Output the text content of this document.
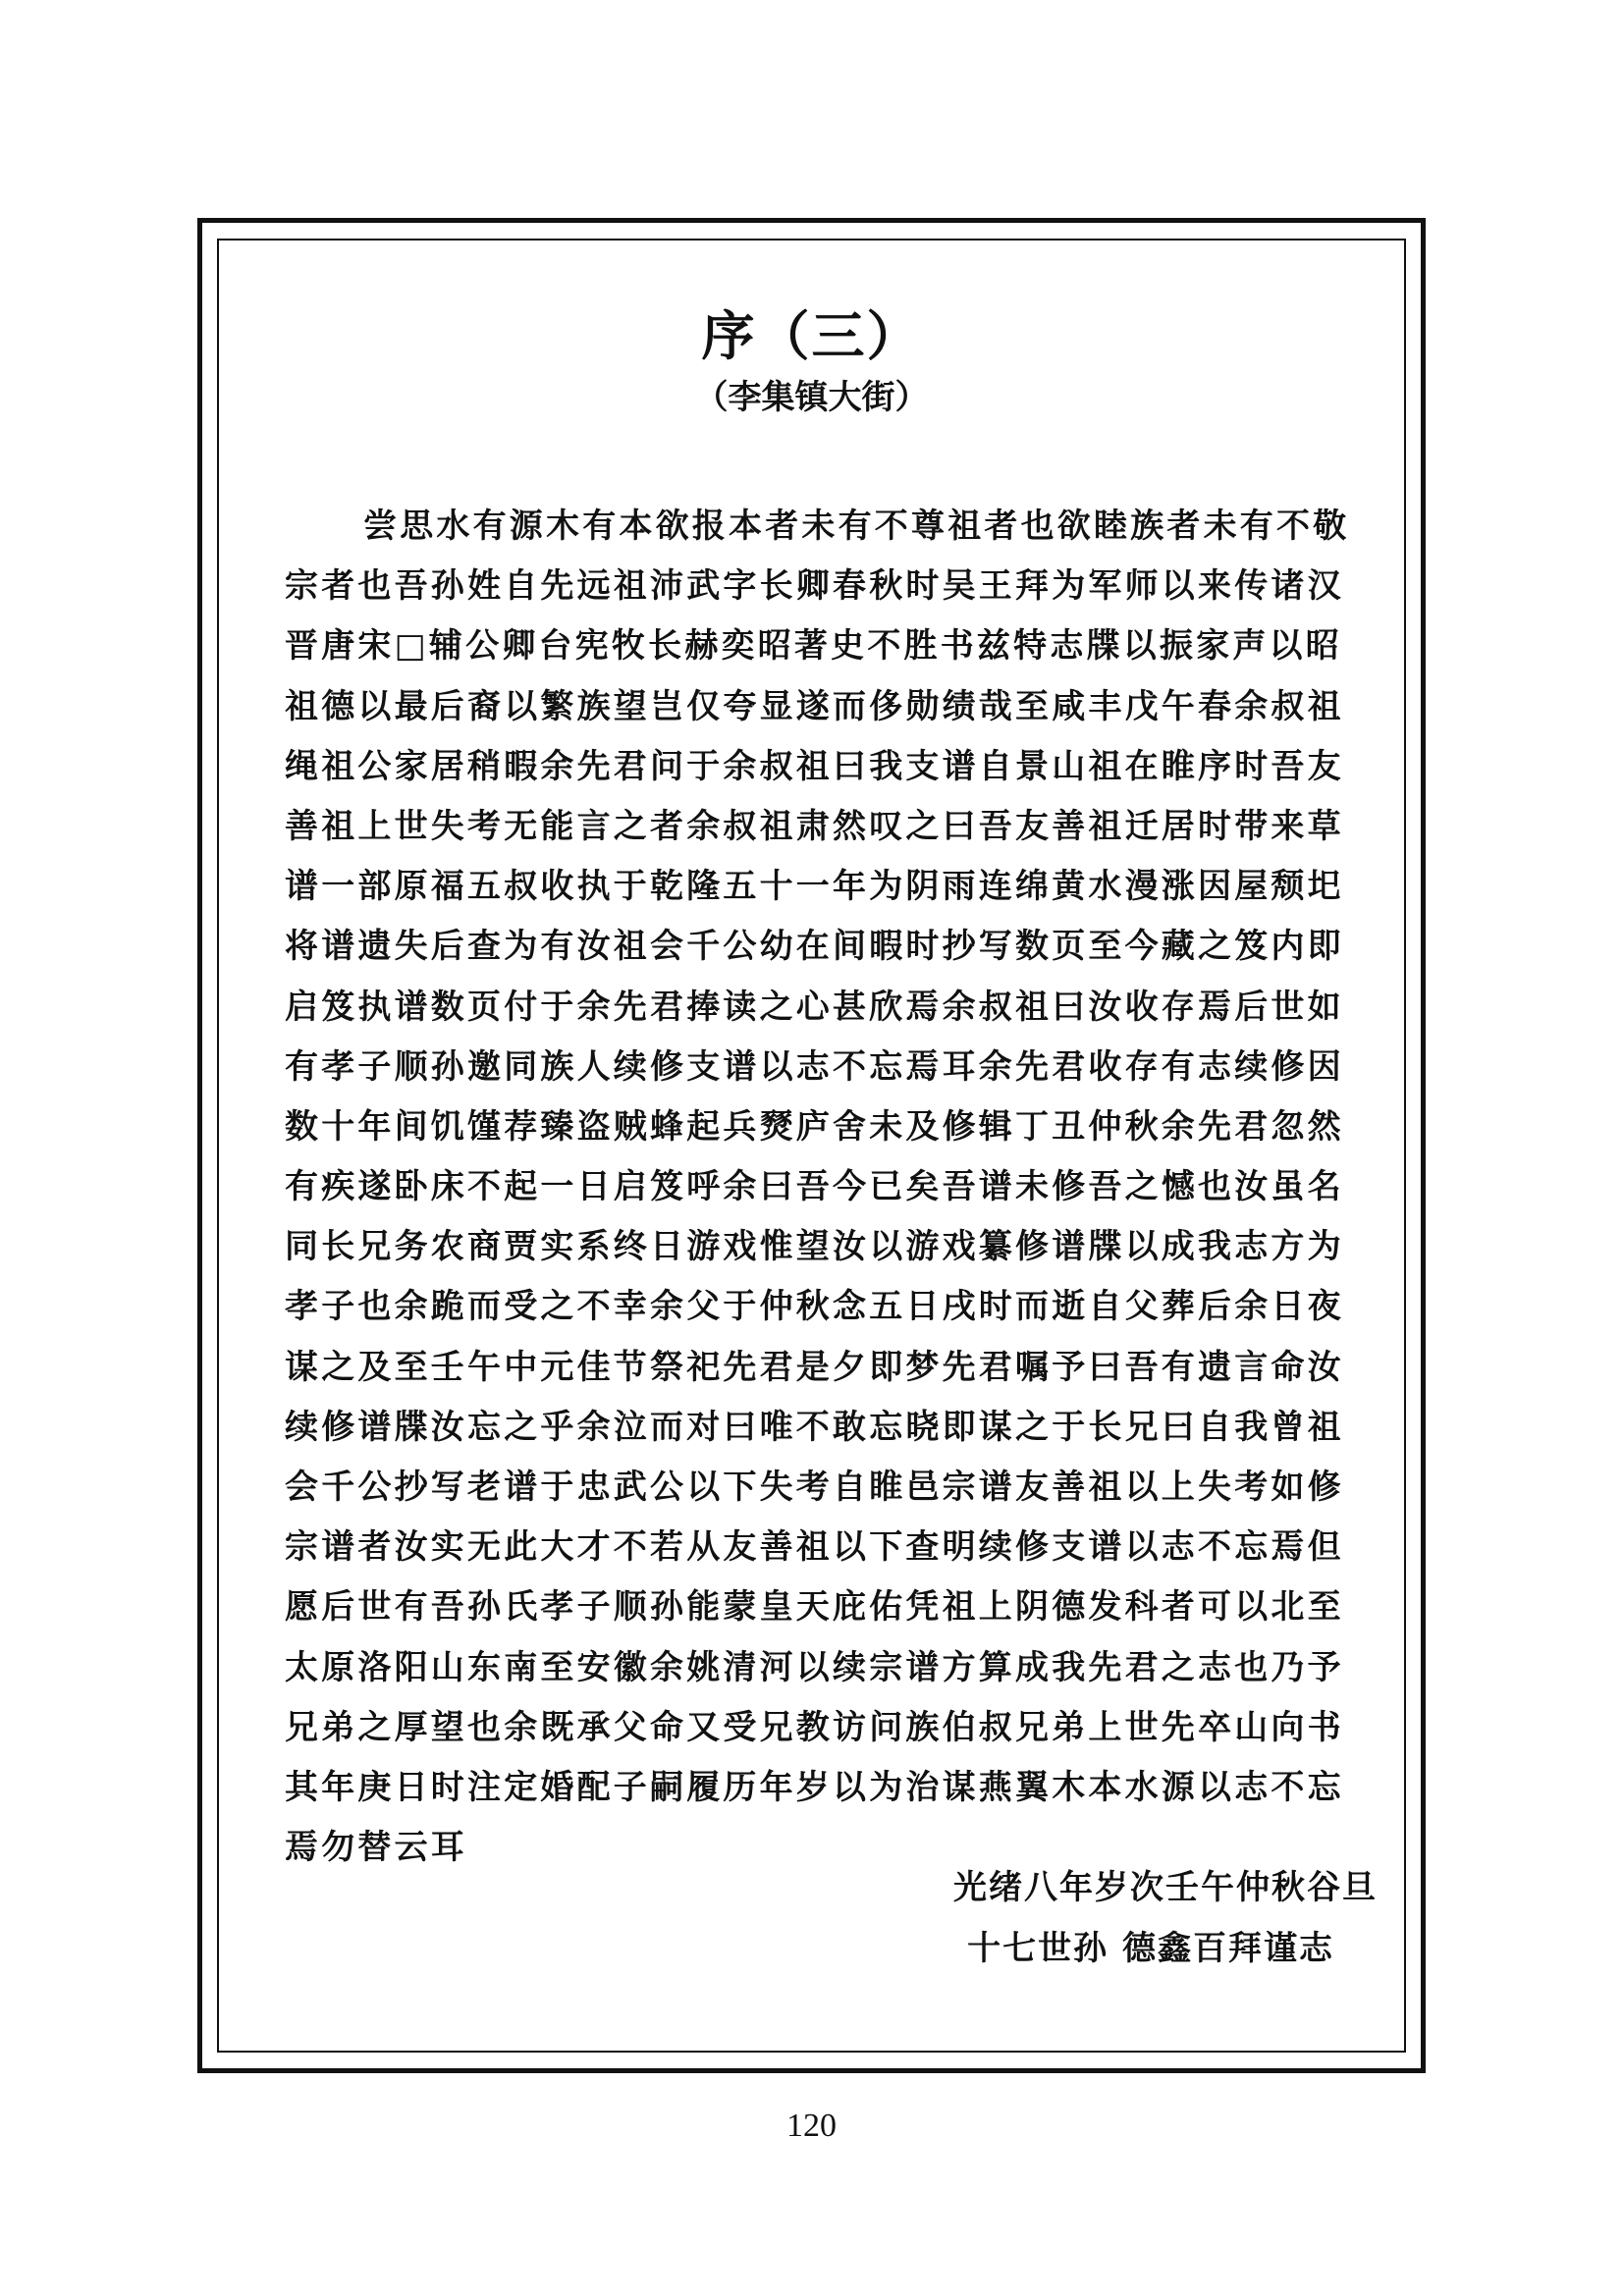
序（三）
（李集镇大街）
尝思水有源木有本欲报本者未有不尊祖者也欲睦族者未有不敬
宗者也吾孙姓自先远祖沛武字长卿春秋时吴王拜为军师以来传诸汉
晋唐宋□辅公卿台宪牧长赫奕昭著史不胜书兹特志牒以振家声以昭
祖德以最后裔以繁族望岂仅夸显遂而侈勋绩哉至咸丰戊午春余叔祖
绳祖公家居稍暇余先君问于余叔祖曰我支谱自景山祖在睢序时吾友
善祖上世失考无能言之者余叔祖肃然叹之曰吾友善祖迁居时带来草
谱一部原福五叔收执于乾隆五十一年为阴雨连绵黄水漫涨因屋颓圯
将谱遗失后查为有汝祖会千公幼在间暇时抄写数页至今藏之笈内即
启笈执谱数页付于余先君捧读之心甚欣焉余叔祖曰汝收存焉后世如
有孝子顺孙邀同族人续修支谱以志不忘焉耳余先君收存有志续修因
数十年间饥馑荐臻盗贼蜂起兵燹庐舍未及修辑丁丑仲秋余先君忽然
有疾遂卧床不起一日启笈呼余曰吾今已矣吾谱未修吾之憾也汝虽名
同长兄务农商贾实系终日游戏惟望汝以游戏纂修谱牒以成我志方为
孝子也余跪而受之不幸余父于仲秋念五日戌时而逝自父葬后余日夜
谋之及至壬午中元佳节祭祀先君是夕即梦先君嘱予曰吾有遗言命汝
续修谱牒汝忘之乎余泣而对曰唯不敢忘晓即谋之于长兄曰自我曾祖
会千公抄写老谱于忠武公以下失考自睢邑宗谱友善祖以上失考如修
宗谱者汝实无此大才不若从友善祖以下查明续修支谱以志不忘焉但
愿后世有吾孙氏孝子顺孙能蒙皇天庇佑凭祖上阴德发科者可以北至
太原洛阳山东南至安徽余姚清河以续宗谱方算成我先君之志也乃予
兄弟之厚望也余既承父命又受兄教访问族伯叔兄弟上世先卒山向书
其年庚日时注定婚配子嗣履历年岁以为治谋燕翼木本水源以志不忘
焉勿替云耳
光绪八年岁次壬午仲秋谷旦
十七世孙 德鑫百拜谨志
120
